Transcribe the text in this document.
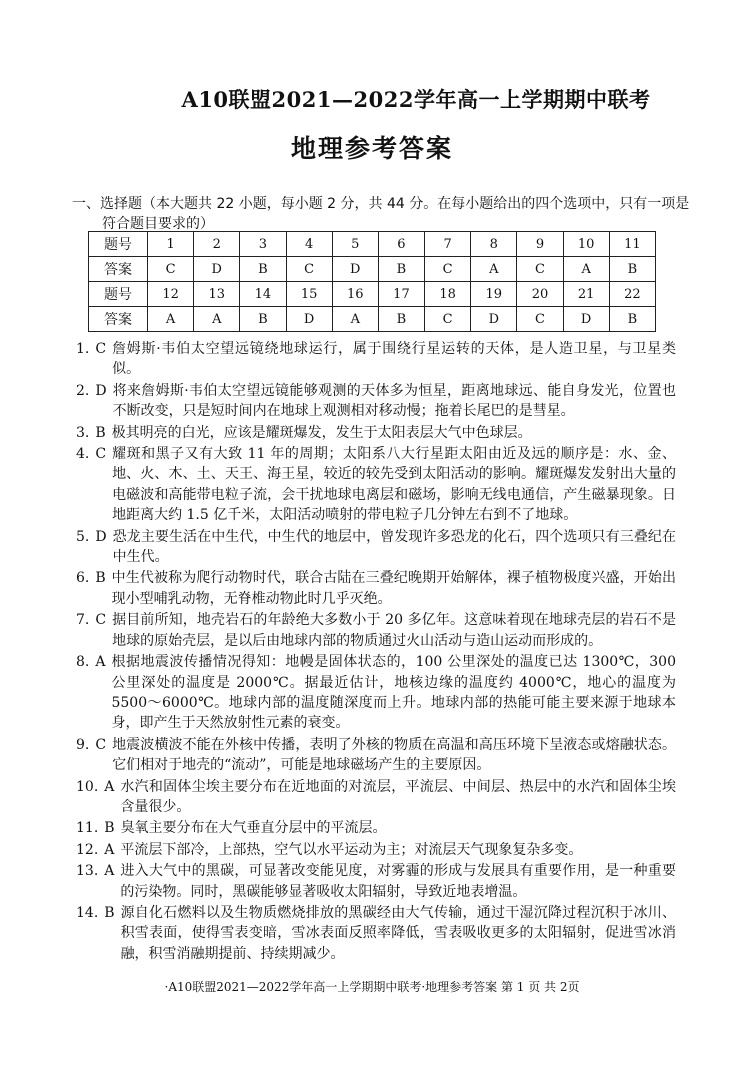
A10联盟2021—2022学年高一上学期期中联考
地理参考答案
一、选择题（本大题共 22 小题，每小题 2 分，共 44 分。在每小题给出的四个选项中，只有一项是符合题目要求的）
题号	1	2	3	4	5	6	7	8	9	10	11
答案	C	D	B	C	D	B	C	A	C	A	B
题号	12	13	14	15	16	17	18	19	20	21	22
答案	A	A	B	D	A	B	C	D	C	D	B
1. C 詹姆斯·韦伯太空望远镜绕地球运行，属于围绕行星运转的天体，是人造卫星，与卫星类似。
2. D 将来詹姆斯·韦伯太空望远镜能够观测的天体多为恒星，距离地球远、能自身发光，位置也不断改变，只是短时间内在地球上观测相对移动慢；拖着长尾巴的是彗星。
3. B 极其明亮的白光，应该是耀斑爆发，发生于太阳表层大气中色球层。
4. C 耀斑和黑子又有大致 11 年的周期；太阳系八大行星距太阳由近及远的顺序是：水、金、地、火、木、土、天王、海王星，较近的较先受到太阳活动的影响。耀斑爆发发射出大量的电磁波和高能带电粒子流，会干扰地球电离层和磁场，影响无线电通信，产生磁暴现象。日地距离大约 1.5 亿千米，太阳活动喷射的带电粒子几分钟左右到不了地球。
5. D 恐龙主要生活在中生代，中生代的地层中，曾发现许多恐龙的化石，四个选项只有三叠纪在中生代。
6. B 中生代被称为爬行动物时代，联合古陆在三叠纪晚期开始解体，裸子植物极度兴盛，开始出现小型哺乳动物，无脊椎动物此时几乎灭绝。
7. C 据目前所知，地壳岩石的年龄绝大多数小于 20 多亿年。这意味着现在地球壳层的岩石不是地球的原始壳层，是以后由地球内部的物质通过火山活动与造山运动而形成的。
8. A 根据地震波传播情况得知：地幔是固体状态的，100 公里深处的温度已达 1300℃，300 公里深处的温度是 2000℃。据最近估计，地核边缘的温度约 4000℃，地心的温度为 5500～6000℃。地球内部的温度随深度而上升。地球内部的热能可能主要来源于地球本身，即产生于天然放射性元素的衰变。
9. C 地震波横波不能在外核中传播，表明了外核的物质在高温和高压环境下呈液态或熔融状态。它们相对于地壳的“流动”，可能是地球磁场产生的主要原因。
10. A 水汽和固体尘埃主要分布在近地面的对流层，平流层、中间层、热层中的水汽和固体尘埃含量很少。
11. B 臭氧主要分布在大气垂直分层中的平流层。
12. A 平流层下部冷，上部热，空气以水平运动为主；对流层天气现象复杂多变。
13. A 进入大气中的黑碳，可显著改变能见度，对雾霾的形成与发展具有重要作用，是一种重要的污染物。同时，黑碳能够显著吸收太阳辐射，导致近地表增温。
14. B 源自化石燃料以及生物质燃烧排放的黑碳经由大气传输，通过干湿沉降过程沉积于冰川、积雪表面，使得雪表变暗，雪冰表面反照率降低，雪表吸收更多的太阳辐射，促进雪冰消融，积雪消融期提前、持续期减少。
·A10联盟2021—2022学年高一上学期期中联考·地理参考答案 第 1 页 共 2页
